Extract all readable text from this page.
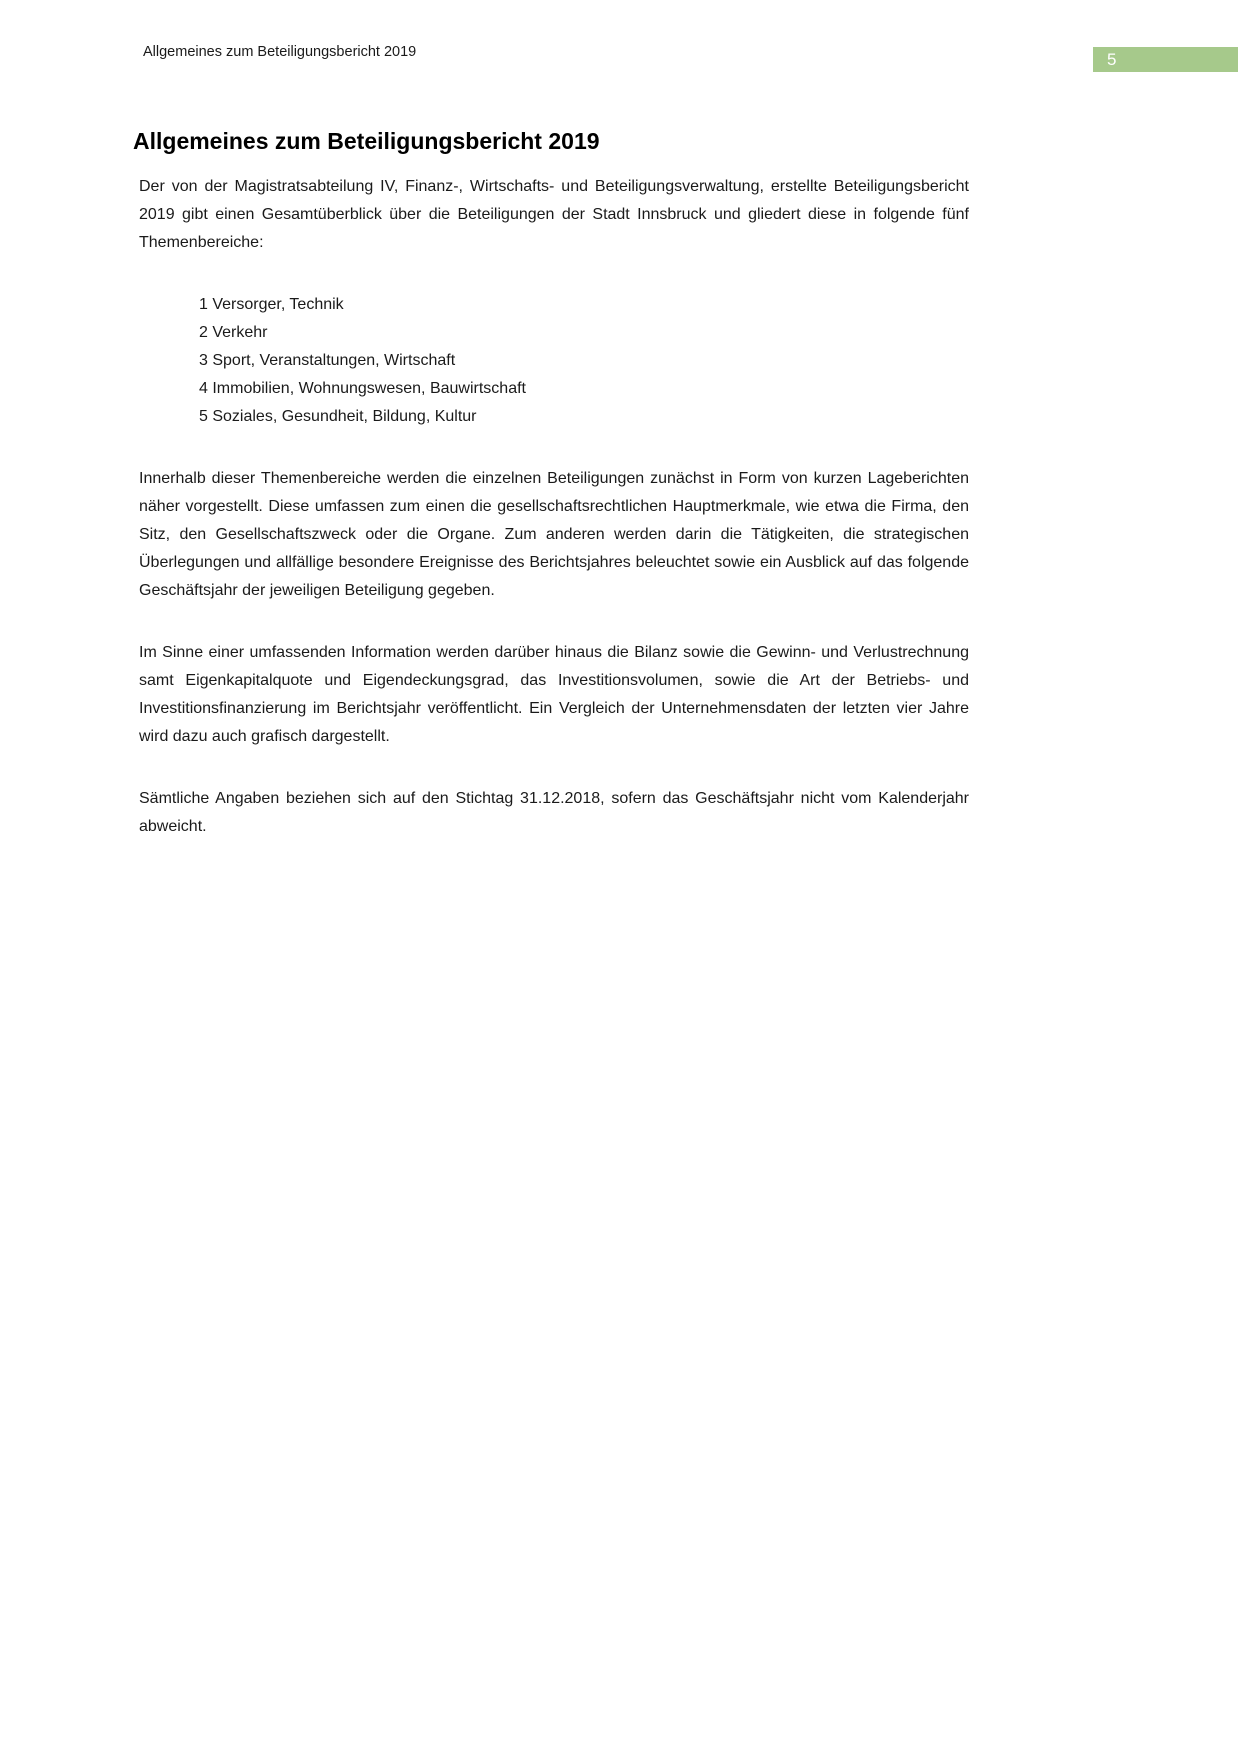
Allgemeines zum Beteiligungsbericht 2019	5
Allgemeines zum Beteiligungsbericht 2019

Der von der Magistratsabteilung IV, Finanz-, Wirtschafts- und Beteiligungsverwaltung, erstellte Beteiligungsbericht 2019 gibt einen Gesamtüberblick über die Beteiligungen der Stadt Innsbruck und gliedert diese in folgende fünf Themenbereiche:

1 Versorger, Technik
2 Verkehr
3 Sport, Veranstaltungen, Wirtschaft
4 Immobilien, Wohnungswesen, Bauwirtschaft
5 Soziales, Gesundheit, Bildung, Kultur

Innerhalb dieser Themenbereiche werden die einzelnen Beteiligungen zunächst in Form von kurzen Lageberichten näher vorgestellt. Diese umfassen zum einen die gesellschaftsrechtlichen Hauptmerkmale, wie etwa die Firma, den Sitz, den Gesellschaftszweck oder die Organe. Zum anderen werden darin die Tätigkeiten, die strategischen Überlegungen und allfällige besondere Ereignisse des Berichtsjahres beleuchtet sowie ein Ausblick auf das folgende Geschäftsjahr der jeweiligen Beteiligung gegeben.

Im Sinne einer umfassenden Information werden darüber hinaus die Bilanz sowie die Gewinn- und Verlustrechnung samt Eigenkapitalquote und Eigendeckungsgrad, das Investitionsvolumen, sowie die Art der Betriebs- und Investitionsfinanzierung im Berichtsjahr veröffentlicht. Ein Vergleich der Unternehmensdaten der letzten vier Jahre wird dazu auch grafisch dargestellt.

Sämtliche Angaben beziehen sich auf den Stichtag 31.12.2018, sofern das Geschäftsjahr nicht vom Kalenderjahr abweicht.
